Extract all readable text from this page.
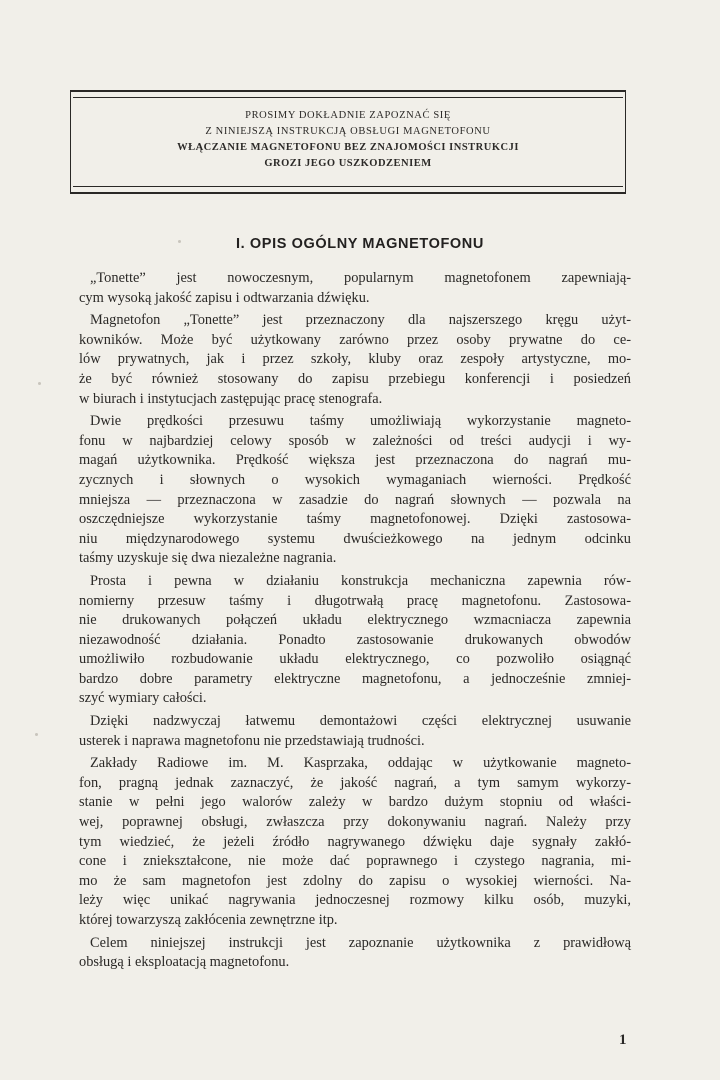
PROSIMY DOKŁADNIE ZAPOZNAĆ SIĘ
Z NINIEJSZĄ INSTRUKCJĄ OBSŁUGI MAGNETOFONU
WŁĄCZANIE MAGNETOFONU BEZ ZNAJOMOŚCI INSTRUKCJI
GROZI JEGO USZKODZENIEM
I. OPIS OGÓLNY MAGNETOFONU

„Tonette” jest nowoczesnym, popularnym magnetofonem zapewniają-
cym wysoką jakość zapisu i odtwarzania dźwięku.

Magnetofon „Tonette” jest przeznaczony dla najszerszego kręgu użyt-
kowników. Może być użytkowany zarówno przez osoby prywatne do ce-
lów prywatnych, jak i przez szkoły, kluby oraz zespoły artystyczne, mo-
że być również stosowany do zapisu przebiegu konferencji i posiedzeń
w biurach i instytucjach zastępując pracę stenografa.

Dwie prędkości przesuwu taśmy umożliwiają wykorzystanie magneto-
fonu w najbardziej celowy sposób w zależności od treści audycji i wy-
magań użytkownika. Prędkość większa jest przeznaczona do nagrań mu-
zycznych i słownych o wysokich wymaganiach wierności. Prędkość
mniejsza — przeznaczona w zasadzie do nagrań słownych — pozwala na
oszczędniejsze wykorzystanie taśmy magnetofonowej. Dzięki zastosowa-
niu międzynarodowego systemu dwuścieżkowego na jednym odcinku
taśmy uzyskuje się dwa niezależne nagrania.

Prosta i pewna w działaniu konstrukcja mechaniczna zapewnia rów-
nomierny przesuw taśmy i długotrwałą pracę magnetofonu. Zastosowa-
nie drukowanych połączeń układu elektrycznego wzmacniacza zapewnia
niezawodność działania. Ponadto zastosowanie drukowanych obwodów
umożliwiło rozbudowanie układu elektrycznego, co pozwoliło osiągnąć
bardzo dobre parametry elektryczne magnetofonu, a jednocześnie zmniej-
szyć wymiary całości.

Dzięki nadzwyczaj łatwemu demontażowi części elektrycznej usuwanie
usterek i naprawa magnetofonu nie przedstawiają trudności.

Zakłady Radiowe im. M. Kasprzaka, oddając w użytkowanie magneto-
fon, pragną jednak zaznaczyć, że jakość nagrań, a tym samym wykorzy-
stanie w pełni jego walorów zależy w bardzo dużym stopniu od właści-
wej, poprawnej obsługi, zwłaszcza przy dokonywaniu nagrań. Należy przy
tym wiedzieć, że jeżeli źródło nagrywanego dźwięku daje sygnały zakłó-
cone i zniekształcone, nie może dać poprawnego i czystego nagrania, mi-
mo że sam magnetofon jest zdolny do zapisu o wysokiej wierności. Na-
leży więc unikać nagrywania jednoczesnej rozmowy kilku osób, muzyki,
której towarzyszą zakłócenia zewnętrzne itp.

Celem niniejszej instrukcji jest zapoznanie użytkownika z prawidłową
obsługą i eksploatacją magnetofonu.

1
